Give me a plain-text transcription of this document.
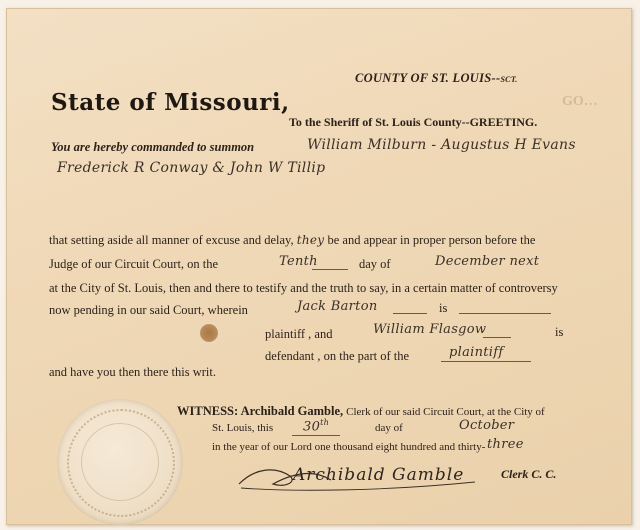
GO…
COUNTY OF ST. LOUIS--SCT.
State of Missouri,
To the Sheriff of St. Louis County--GREETING.
You are hereby commanded to summon	William Milburn - Augustus H Evans
Frederick R Conway & John W Tillip
that setting aside all manner of excuse and delay, they be and appear in proper person before the
Judge of our Circuit Court, on the	Tenth	day of	December next
at the City of St. Louis, then and there to testify and the truth to say, in a certain matter of controversy
now pending in our said Court, wherein	Jack Barton	is
plaintiff , and	William Flasgow	is
defendant , on the part of the	plaintiff
and have you then there this writ.
WITNESS: Archibald Gamble, Clerk of our said Circuit Court, at the City of
St. Louis, this 30th	day of	October
in the year of our Lord one thousand eight hundred and thirty- three
Archibald Gamble	Clerk C. C.
